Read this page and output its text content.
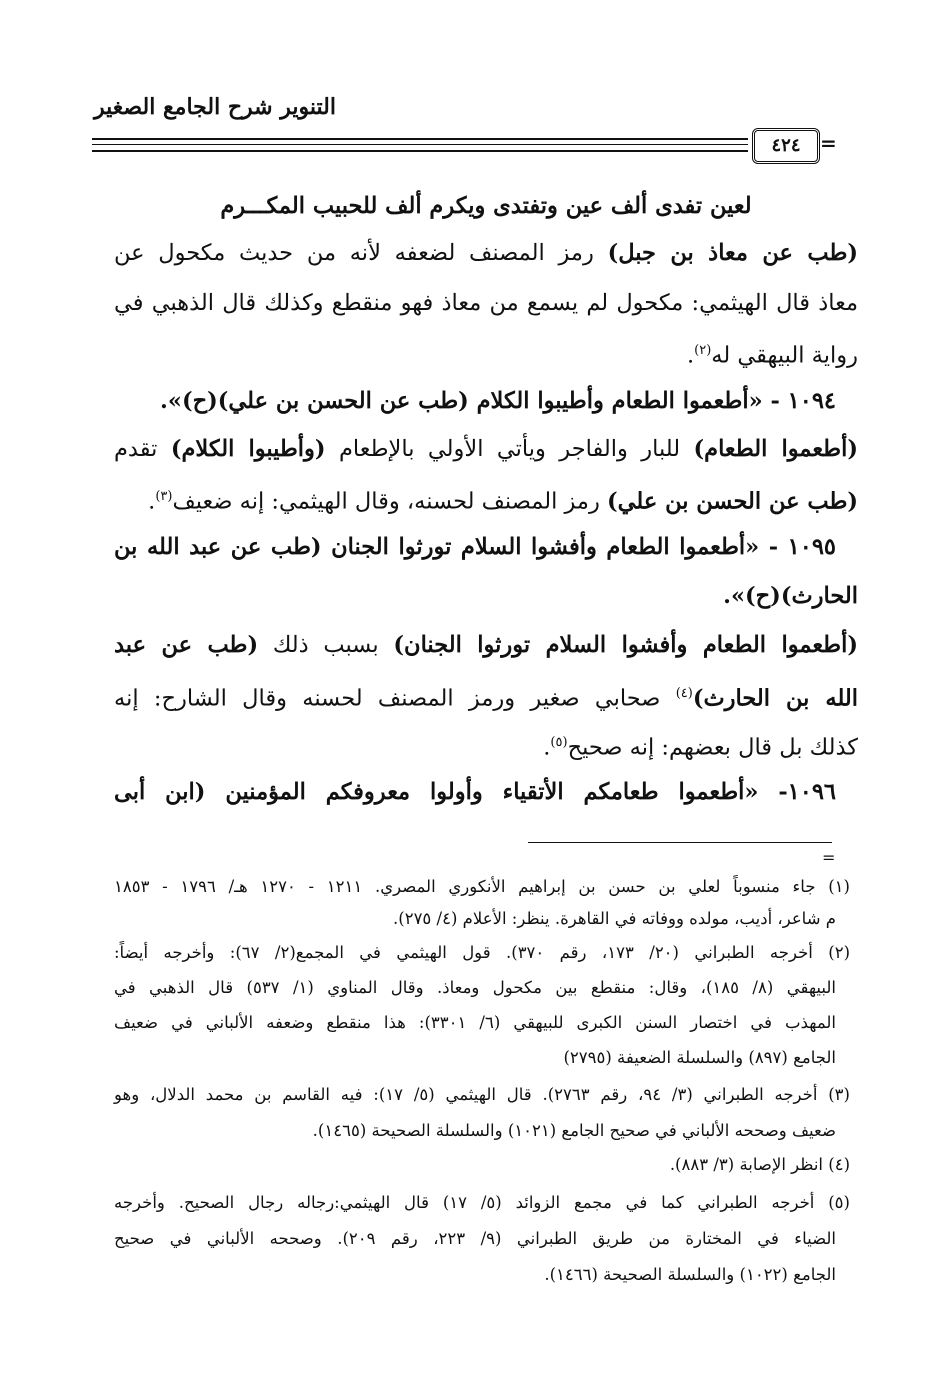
التنوير شرح الجامع الصغير
٤٢٤ =
لعين تفدى ألف عين وتفتدى ويكرم ألف للحبيب المكـــرم
(طب عن معاذ بن جبل) رمز المصنف لضعفه لأنه من حديث مكحول عن
معاذ قال الهيثمي: مكحول لم يسمع من معاذ فهو منقطع وكذلك قال الذهبي في
رواية البيهقي له$^{(٢)}$.
١٠٩٤ - «أطعموا الطعام وأطيبوا الكلام (طب عن الحسن بن علي)(ح)».
(أطعموا الطعام) للبار والفاجر ويأتي الأولي بالإطعام (وأطيبوا الكلام) تقدم
(طب عن الحسن بن علي) رمز المصنف لحسنه، وقال الهيثمي: إنه ضعيف$^{(٣)}$.
١٠٩٥ - «أطعموا الطعام وأفشوا السلام تورثوا الجنان (طب عن عبد الله بن
الحارث)(ح)».
(أطعموا الطعام وأفشوا السلام تورثوا الجنان) بسبب ذلك (طب عن عبد
الله بن الحارث)$^{(٤)}$ صحابي صغير ورمز المصنف لحسنه وقال الشارح: إنه
كذلك بل قال بعضهم: إنه صحيح$^{(٥)}$.
١٠٩٦- «أطعموا طعامكم الأتقياء وأولوا معروفكم المؤمنين (ابن أبى
=
(١) جاء منسوباً لعلي بن حسن بن إبراهيم الأنكوري المصري. ١٢١١ - ١٢٧٠ هـ/ ١٧٩٦ - ١٨٥٣
م شاعر، أديب، مولده ووفاته في القاهرة. ينظر: الأعلام (٤/ ٢٧٥).
(٢) أخرجه الطبراني (٢٠/ ١٧٣، رقم ٣٧٠). قول الهيثمي في المجمع(٢/ ٦٧): وأخرجه أيضاً:
البيهقي (٨/ ١٨٥)، وقال: منقطع بين مكحول ومعاذ. وقال المناوي (١/ ٥٣٧) قال الذهبي في
المهذب في اختصار السنن الكبرى للبيهقي (٦/ ٣٣٠١): هذا منقطع وضعفه الألباني في ضعيف
الجامع (٨٩٧) والسلسلة الضعيفة (٢٧٩٥)
(٣) أخرجه الطبراني (٣/ ٩٤، رقم ٢٧٦٣). قال الهيثمي (٥/ ١٧): فيه القاسم بن محمد الدلال، وهو
ضعيف وصححه الألباني في صحيح الجامع (١٠٢١) والسلسلة الصحيحة (١٤٦٥).
(٤) انظر الإصابة (٣/ ٨٨٣).
(٥) أخرجه الطبراني كما في مجمع الزوائد (٥/ ١٧) قال الهيثمي:رجاله رجال الصحيح. وأخرجه
الضياء في المختارة من طريق الطبراني (٩/ ٢٢٣، رقم ٢٠٩). وصححه الألباني في صحيح
الجامع (١٠٢٢) والسلسلة الصحيحة (١٤٦٦).
